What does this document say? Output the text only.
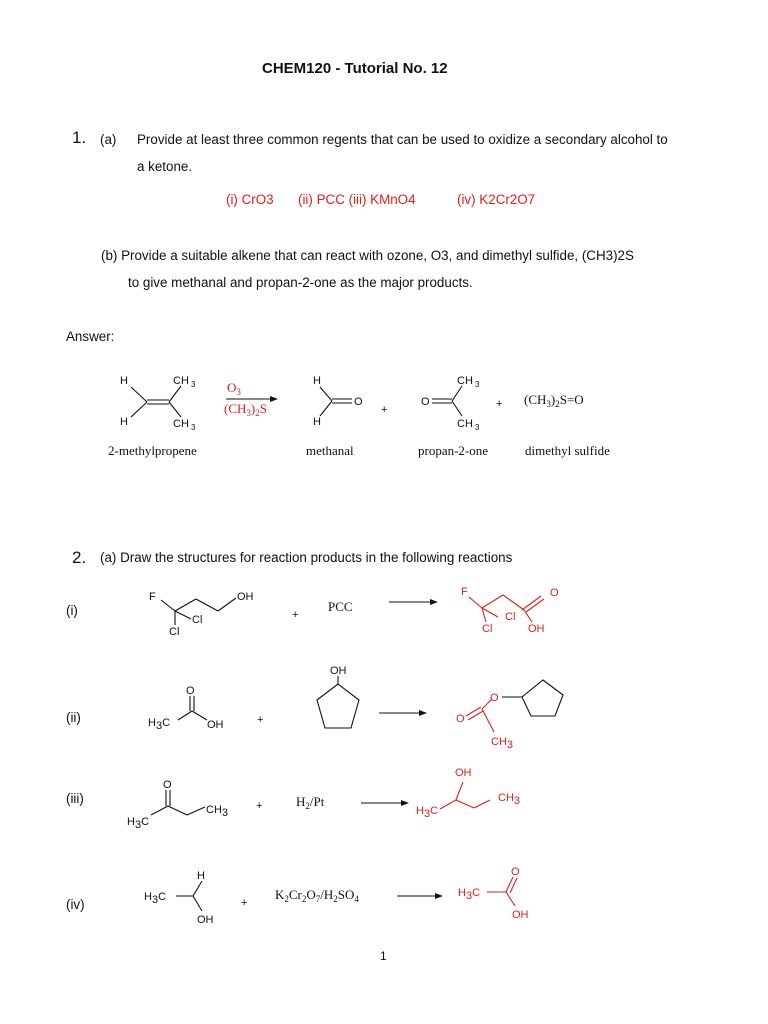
CHEM120 - Tutorial No. 12
1. (a) Provide at least three common regents that can be used to oxidize a secondary alcohol to
a ketone.
(i) CrO3 (ii) PCC (iii) KMnO4	(iv) K2Cr2O7
(b) Provide a suitable alkene that can react with ozone, O3, and dimethyl sulfide, (CH3)2S
to give methanal and propan-2-one as the major products.
Answer:
H
H
CH 3
CH 3
H
H
O	O
CH 3
CH 3
$O_3$
$(CH_3)_2S$	+	+ $(CH_3)_2S=O$
2-methylpropene	methanal	propan-2-one	dimethyl sulfide
F
Cl
Cl
OH
O
H3C	OH
OH
O
H3C
CH3
H
H3C
OH
F
Cl
Cl
O
OH
O
O
CH3
OH
H3C
CH3
O
H3C
OH
+
+
+
+
PCC
$H_2/Pt$
$K_2Cr_2O_7/H_2SO_4$
2. (a) Draw the structures for reaction products in the following reactions
(i)
(ii)
(iii)
(iv)
1
